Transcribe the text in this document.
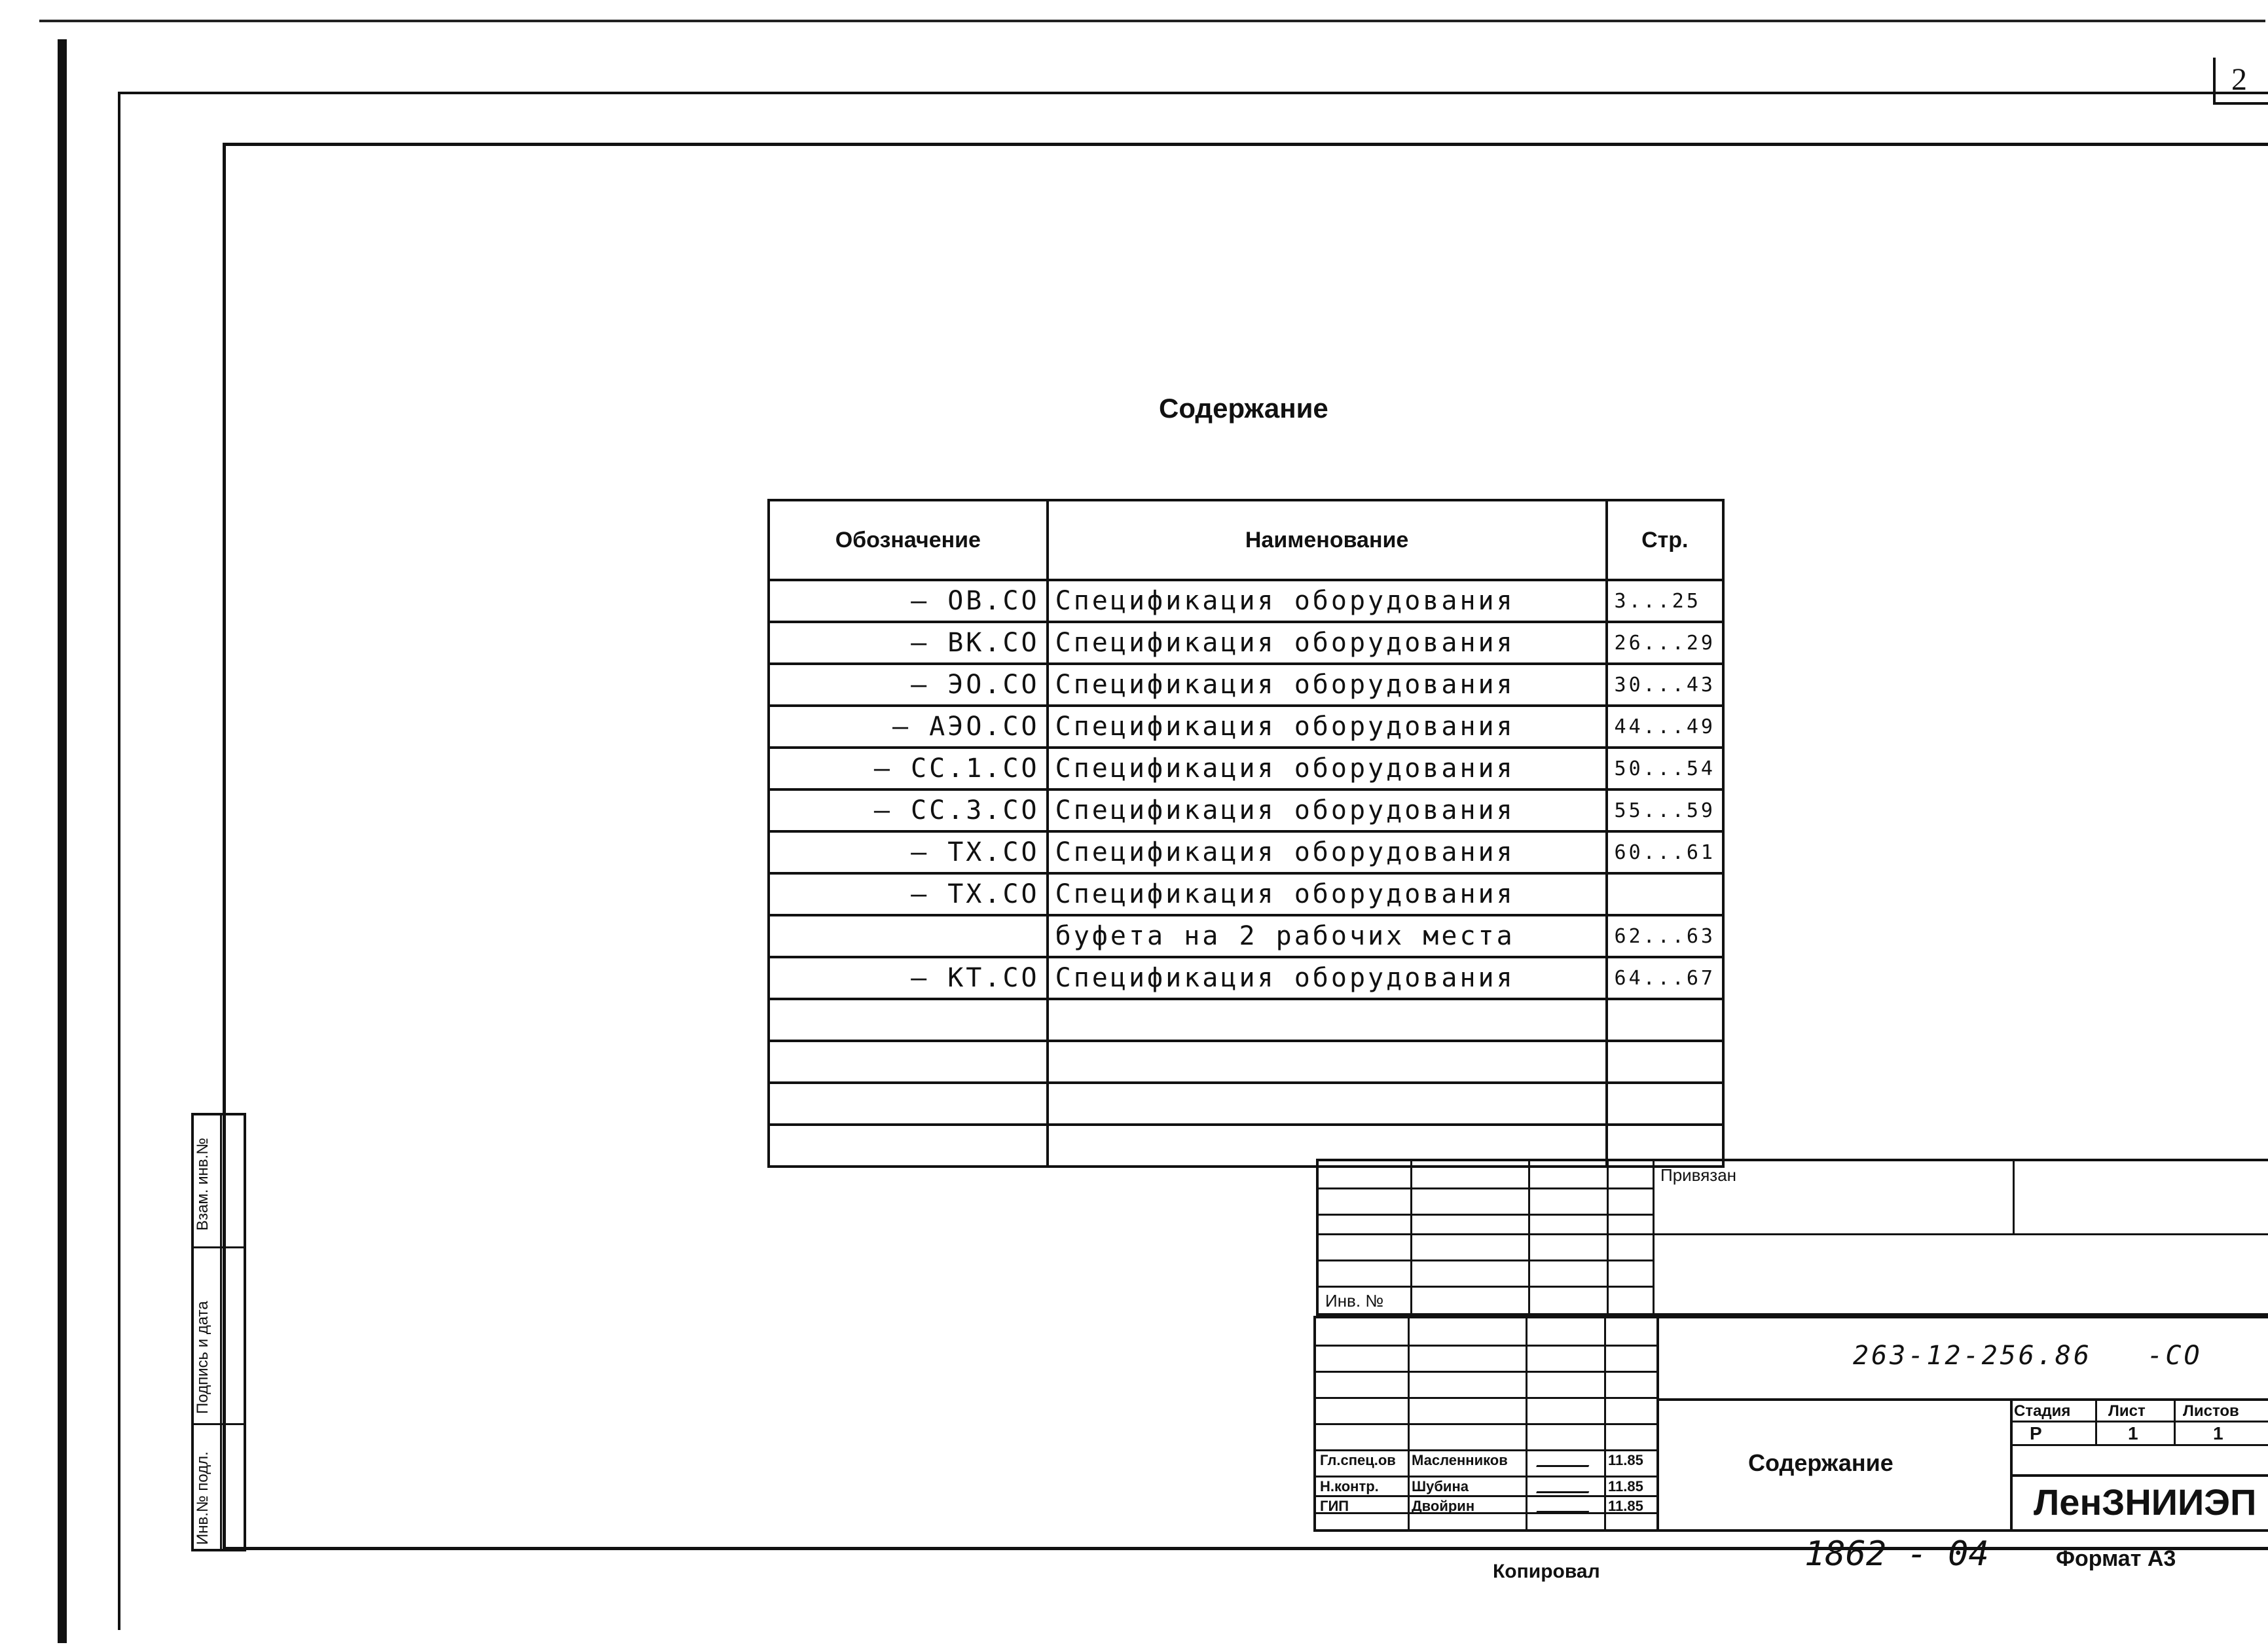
2
Содержание
Обозначение	Наименование	Стр.
— ОВ.СО	Спецификация оборудования	3...25
— ВК.СО	Спецификация оборудования	26...29
— ЭО.СО	Спецификация оборудования	30...43
— АЭО.СО	Спецификация оборудования	44...49
— СС.1.СО	Спецификация оборудования	50...54
— СС.3.СО	Спецификация оборудования	55...59
— ТХ.СО	Спецификация оборудования	60...61
— ТХ.СО	Спецификация оборудования	
	буфета на 2 рабочих места	62...63
— КТ.СО	Спецификация оборудования	64...67

Взам. инв.№
Подпись и дата
Инв.№ подл.
Привязан
Инв. №
263-12-256.86   -СО
Содержание
Стадия Лист Листов
Р	1	1
ЛенЗНИИЭП
Гл.спец.ов Масленников	11.85
Н.контр. Шубина	11.85
ГИП	Двойрин	11.85
Копировал	1862 - 04	Формат А3
